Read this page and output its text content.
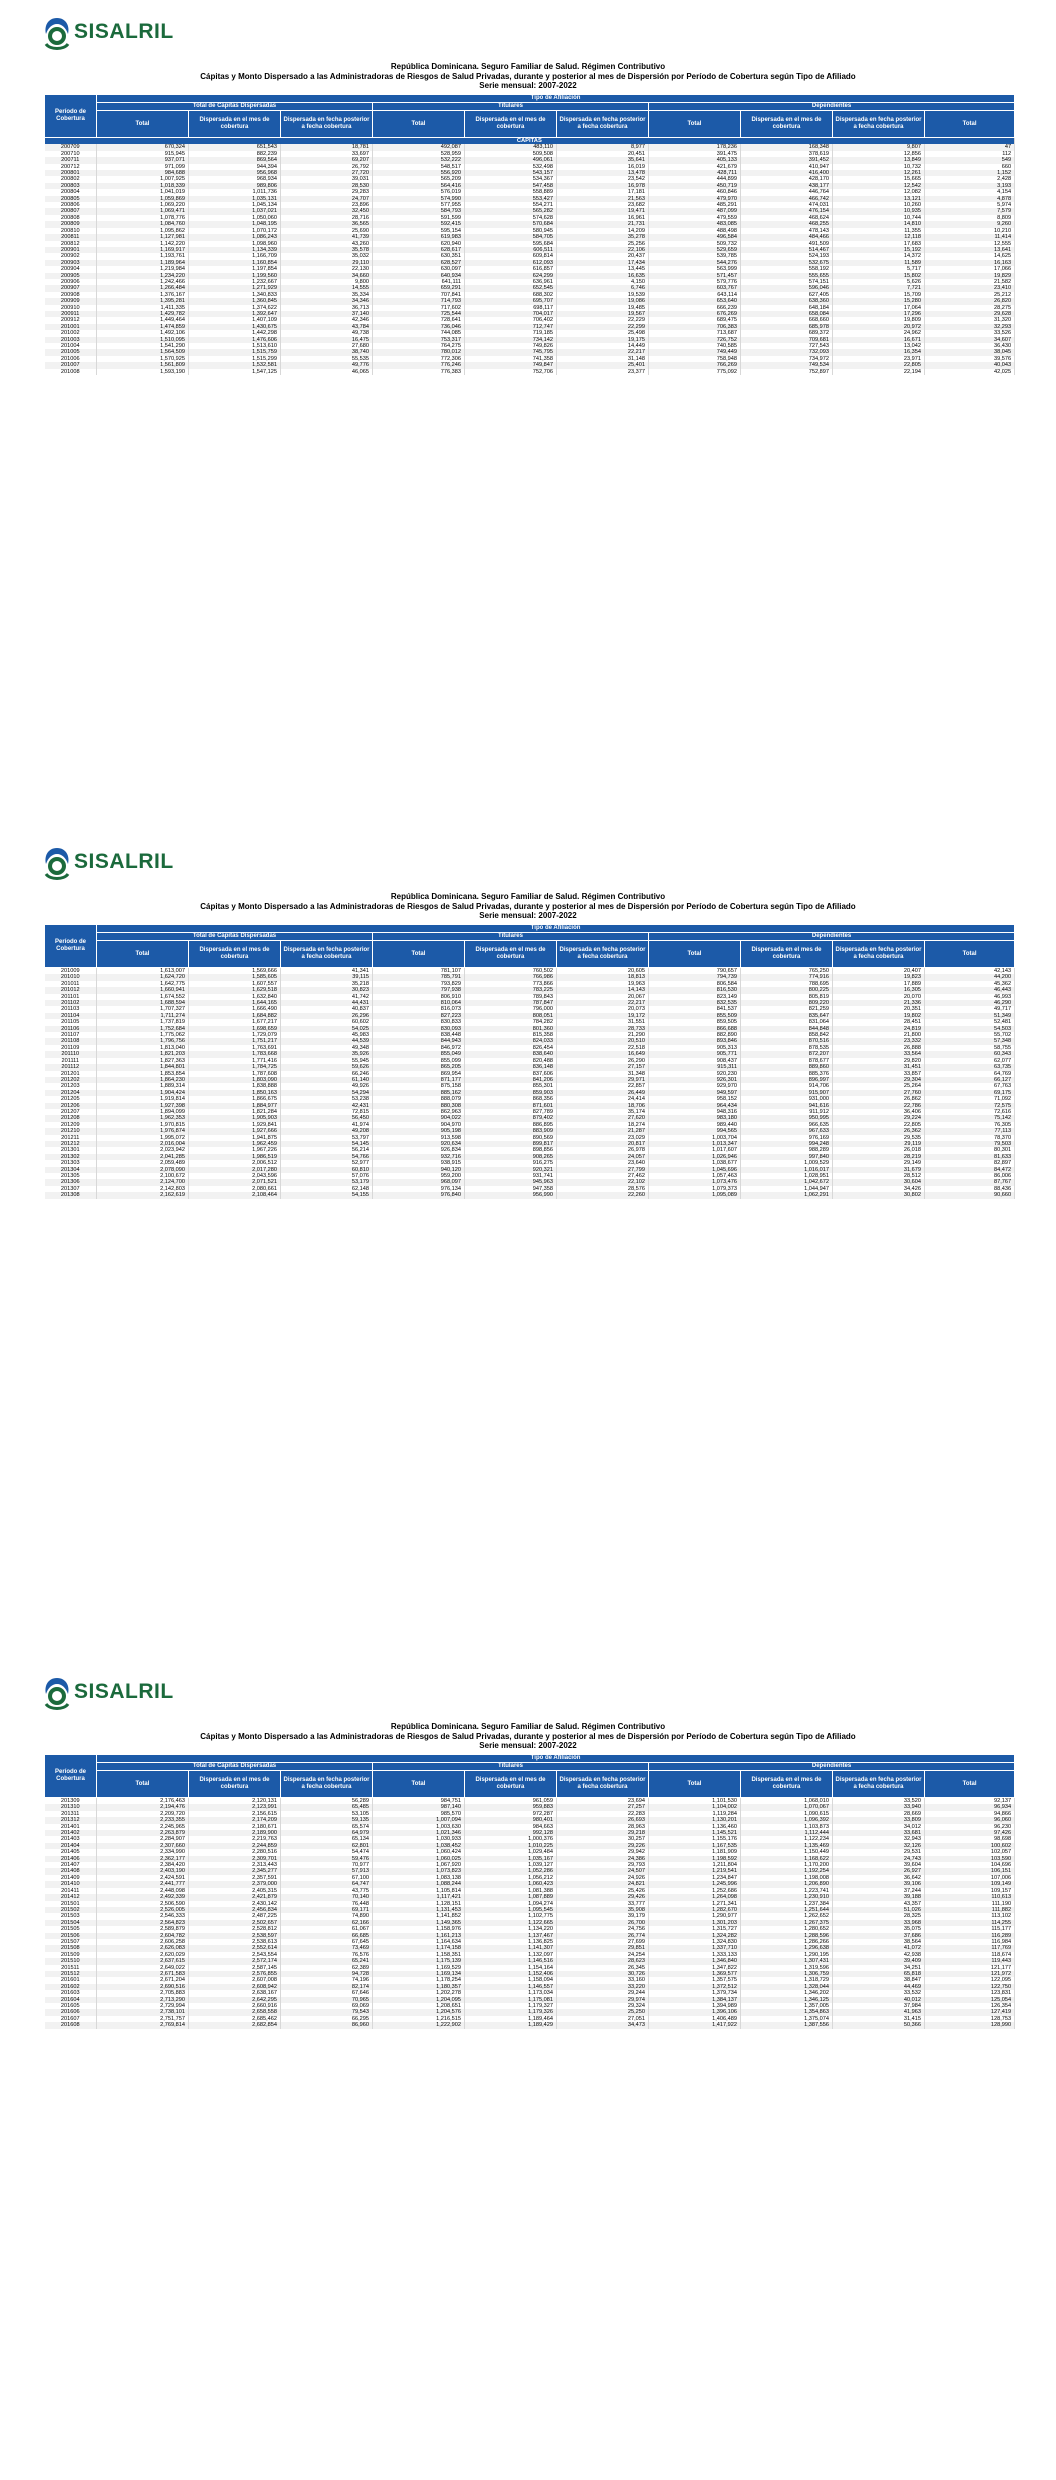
SISALRIL
República Dominicana. Seguro Familiar de Salud. Régimen Contributivo
Cápitas y Monto Dispersado a las Administradoras de Riesgos de Salud Privadas, durante y posterior al mes de Dispersión por Período de Cobertura según Tipo de Afiliado
Serie mensual: 2007-2022
Período de Cobertura	Tipo de Afiliación									
	Total de Cápitas Dispersadas			Titulares			Dependientes			
	Total	Dispersada en el mes de cobertura	Dispersada en fecha posterior a fecha cobertura	Total	Dispersada en el mes de cobertura	Dispersada en fecha posterior a fecha cobertura	Total	Dispersada en el mes de cobertura	Dispersada en fecha posterior a fecha cobertura	Total
CÁPITAS										
200709	670,324	651,543	18,781	492,087	483,110	8,977	178,236	168,348	9,807	47
200710	915,945	882,239	33,697	528,959	509,508	20,451	391,475	378,619	12,856	112
200711	937,071	869,564	69,207	532,222	496,061	35,641	405,133	391,452	13,849	549
200712	971,099	944,394	26,792	548,517	532,498	16,019	421,679	410,947	10,732	660
200801	984,688	956,968	27,720	556,920	543,157	13,478	428,711	416,400	12,261	1,152
200802	1,007,925	968,934	39,031	565,209	534,367	23,542	444,899	428,170	15,665	2,428
200803	1,018,339	989,806	28,530	564,416	547,458	16,978	450,719	438,177	12,542	3,193
200804	1,041,019	1,011,736	29,283	576,019	558,889	17,181	460,846	446,764	12,082	4,154
200805	1,059,869	1,035,131	24,707	574,990	553,427	21,563	479,970	466,742	13,121	4,878
200806	1,069,220	1,045,134	23,896	577,955	554,271	23,682	485,291	474,031	10,260	5,974
200807	1,069,471	1,037,021	32,450	584,793	565,282	19,471	487,099	476,154	10,935	7,579
200808	1,078,776	1,050,060	28,716	591,599	574,628	16,961	479,559	468,624	10,744	8,809
200809	1,084,760	1,048,195	36,565	592,415	570,684	21,731	483,085	468,255	14,810	9,260
200810	1,095,862	1,070,172	25,690	595,154	580,945	14,209	488,498	478,143	11,355	10,210
200811	1,127,981	1,086,243	41,739	619,983	584,705	35,278	496,584	484,466	12,118	11,414
200812	1,142,220	1,098,960	43,260	620,940	595,684	25,256	509,732	491,509	17,683	12,555
200901	1,169,917	1,134,339	35,578	628,617	606,511	22,106	529,659	514,467	15,192	13,641
200902	1,193,761	1,166,709	35,032	630,351	609,814	20,437	539,785	524,193	14,372	14,625
200903	1,189,964	1,160,854	29,110	628,527	612,093	17,434	544,276	532,675	11,589	16,163
200904	1,219,984	1,197,854	22,130	630,097	616,857	13,445	563,999	558,192	5,717	17,066
200905	1,234,220	1,199,560	34,660	640,934	624,299	16,635	571,457	555,655	15,802	19,829
200906	1,242,466	1,232,667	9,800	641,111	636,961	4,150	579,776	574,151	5,626	21,582
200907	1,266,484	1,271,929	14,555	659,291	652,545	6,746	603,767	596,046	7,721	23,410
200908	1,376,167	1,340,833	35,334	707,841	688,302	19,539	643,114	627,405	15,709	25,212
200909	1,395,281	1,360,845	34,346	714,793	695,707	19,086	653,640	638,360	15,280	26,820
200910	1,411,335	1,374,622	36,713	717,602	698,117	19,485	666,239	648,184	17,064	28,275
200911	1,429,782	1,392,647	37,140	725,544	704,017	19,567	676,269	658,084	17,296	29,628
200912	1,449,464	1,407,109	42,346	728,641	706,402	22,229	689,475	668,660	19,809	31,320
201001	1,474,859	1,430,675	43,784	736,046	712,747	22,299	706,383	685,978	20,972	32,293
201002	1,492,106	1,442,298	49,738	744,085	719,185	25,498	713,687	689,372	24,962	33,526
201003	1,510,095	1,476,606	16,475	753,317	734,142	19,175	726,752	709,681	16,671	34,607
201004	1,541,290	1,513,610	27,680	764,275	749,826	14,449	740,585	727,543	13,042	36,430
201005	1,564,509	1,515,759	38,740	780,012	745,795	22,217	749,449	732,093	16,354	38,045
201006	1,570,925	1,515,299	55,535	772,306	741,358	31,148	758,948	734,972	23,971	39,576
201007	1,561,809	1,532,581	49,776	776,246	749,847	25,401	766,269	749,534	22,805	40,043
201008	1,593,190	1,547,125	46,065	776,383	752,706	23,377	775,092	752,897	22,194	42,025
SISALRIL
República Dominicana. Seguro Familiar de Salud. Régimen Contributivo
Cápitas y Monto Dispersado a las Administradoras de Riesgos de Salud Privadas, durante y posterior al mes de Dispersión por Período de Cobertura según Tipo de Afiliado
Serie mensual: 2007-2022
Período de Cobertura	Tipo de Afiliación									
	Total de Cápitas Dispersadas			Titulares			Dependientes			
	Total	Dispersada en el mes de cobertura	Dispersada en fecha posterior a fecha cobertura	Total	Dispersada en el mes de cobertura	Dispersada en fecha posterior a fecha cobertura	Total	Dispersada en el mes de cobertura	Dispersada en fecha posterior a fecha cobertura	Total
201009	1,613,007	1,569,666	41,341	781,107	760,502	20,605	790,657	765,250	20,407	42,143
201010	1,624,720	1,585,605	39,115	785,791	766,986	18,813	794,739	774,916	19,823	44,200
201011	1,642,775	1,607,557	35,218	793,829	773,866	19,963	806,584	788,695	17,889	45,362
201012	1,660,941	1,629,518	30,823	797,938	783,225	14,143	816,530	800,225	16,305	46,443
201101	1,674,552	1,632,840	41,742	806,910	789,843	20,067	823,149	805,819	20,070	46,993
201102	1,688,594	1,644,165	44,431	810,064	787,847	22,217	832,535	809,220	21,336	46,290
201103	1,707,327	1,666,490	40,837	816,073	796,000	20,073	841,537	821,259	20,351	49,717
201104	1,711,274	1,684,882	26,296	827,223	808,051	19,172	855,509	835,647	19,802	51,349
201105	1,737,819	1,677,217	60,602	830,833	784,282	31,551	859,505	831,064	28,451	52,481
201106	1,752,684	1,698,659	54,025	830,093	801,360	28,733	866,688	844,848	24,819	54,503
201107	1,775,062	1,729,079	45,983	838,448	815,358	21,290	882,890	858,842	21,800	55,702
201108	1,796,756	1,751,217	44,539	844,943	824,033	20,510	893,846	870,516	23,332	57,348
201109	1,813,040	1,763,691	49,348	846,972	826,454	22,518	905,313	878,535	26,888	58,755
201110	1,821,203	1,783,668	35,926	855,049	838,640	16,649	905,771	872,207	33,564	60,343
201111	1,827,363	1,771,416	55,945	855,099	820,488	26,290	908,437	878,677	29,820	62,077
201112	1,844,801	1,784,725	59,626	865,205	836,148	27,157	915,311	889,860	31,451	63,735
201201	1,853,854	1,787,608	66,246	869,954	837,606	31,348	920,230	885,376	33,857	64,769
201202	1,864,230	1,803,090	61,140	871,177	841,206	29,971	926,301	896,997	29,304	66,127
201203	1,889,314	1,838,888	49,926	875,158	855,301	22,857	929,970	914,706	25,264	67,763
201204	1,904,424	1,850,163	54,294	885,162	859,903	26,449	949,597	915,907	27,760	69,175
201205	1,919,814	1,866,675	53,238	888,079	868,356	24,414	958,152	931,000	26,862	71,092
201206	1,927,398	1,884,977	42,431	880,308	871,601	18,706	964,434	941,616	22,786	72,575
201207	1,894,099	1,821,284	72,815	862,963	827,789	35,174	948,316	911,912	36,406	72,616
201208	1,962,353	1,905,903	56,450	904,022	879,402	27,620	983,180	950,995	29,224	75,142
201209	1,970,815	1,929,841	41,974	904,970	886,895	18,274	989,440	966,635	22,805	76,305
201210	1,976,874	1,927,666	49,208	905,198	883,909	21,287	994,565	967,633	26,362	77,113
201211	1,995,072	1,941,875	53,797	913,598	890,569	23,029	1,003,704	976,169	29,535	78,370
201212	2,016,004	1,962,459	54,145	920,634	899,817	20,817	1,013,347	994,248	29,119	79,503
201301	2,023,942	1,967,226	56,214	926,834	898,856	26,978	1,017,607	988,289	26,018	80,301
201302	2,041,285	1,986,519	54,766	932,716	908,265	24,057	1,026,946	997,840	28,219	81,633
201303	2,059,489	2,006,512	52,977	938,915	916,275	23,640	1,038,677	1,009,529	29,149	82,897
201304	2,078,090	2,017,280	60,810	940,120	920,321	27,799	1,045,696	1,016,017	31,679	84,472
201305	2,100,672	2,043,596	57,076	959,200	931,741	27,462	1,057,463	1,028,951	28,512	86,006
201306	2,124,700	2,071,521	53,179	968,097	945,963	22,102	1,073,476	1,042,672	30,604	87,767
201307	2,142,803	2,080,661	62,148	976,134	947,358	28,576	1,079,373	1,044,947	34,426	88,436
201308	2,162,619	2,108,464	54,155	976,840	956,990	22,260	1,095,089	1,062,291	30,802	90,660
SISALRIL
República Dominicana. Seguro Familiar de Salud. Régimen Contributivo
Cápitas y Monto Dispersado a las Administradoras de Riesgos de Salud Privadas, durante y posterior al mes de Dispersión por Período de Cobertura según Tipo de Afiliado
Serie mensual: 2007-2022
Período de Cobertura	Tipo de Afiliación									
	Total de Cápitas Dispersadas			Titulares			Dependientes			
	Total	Dispersada en el mes de cobertura	Dispersada en fecha posterior a fecha cobertura	Total	Dispersada en el mes de cobertura	Dispersada en fecha posterior a fecha cobertura	Total	Dispersada en el mes de cobertura	Dispersada en fecha posterior a fecha cobertura	Total
201309	2,176,463	2,120,131	56,289	984,751	961,059	23,694	1,101,530	1,068,010	33,520	92,137
201310	2,194,476	2,123,991	65,485	987,140	959,883	27,257	1,104,002	1,070,067	33,940	96,934
201311	2,209,720	2,156,615	53,105	985,570	972,287	22,283	1,119,284	1,090,615	28,669	94,866
201312	2,233,355	2,174,209	59,135	1,007,094	980,401	26,693	1,130,201	1,096,392	33,809	96,060
201401	2,245,965	2,180,671	65,574	1,003,630	984,663	28,963	1,136,460	1,103,873	34,012	96,230
201402	2,263,879	2,189,900	64,979	1,021,346	992,128	29,218	1,145,521	1,112,444	33,681	97,426
201403	2,284,907	2,219,763	65,134	1,030,933	1,000,376	30,257	1,155,176	1,122,234	32,943	98,698
201404	2,307,660	2,244,859	62,801	1,038,452	1,010,225	29,226	1,167,535	1,135,469	32,126	100,602
201405	2,334,990	2,280,516	54,474	1,060,424	1,029,484	29,942	1,181,909	1,150,449	29,531	102,057
201406	2,362,177	2,309,701	59,476	1,060,025	1,035,167	24,386	1,198,592	1,168,622	24,743	103,590
201407	2,384,420	2,313,443	70,977	1,067,920	1,039,127	29,793	1,211,804	1,170,200	39,604	104,696
201408	2,403,190	2,345,277	57,913	1,073,823	1,052,286	24,507	1,219,541	1,192,254	26,927	106,151
201409	2,424,591	2,357,591	67,100	1,083,138	1,056,212	24,926	1,234,847	1,198,008	36,642	107,006
201410	2,441,777	2,379,000	64,747	1,088,244	1,060,423	24,821	1,245,996	1,206,890	39,106	109,149
201411	2,448,098	2,405,315	43,775	1,105,814	1,081,388	25,426	1,252,686	1,223,741	37,244	109,157
201412	2,492,339	2,421,879	70,140	1,117,421	1,087,889	29,426	1,264,098	1,230,910	39,188	110,613
201501	2,506,590	2,430,142	76,448	1,128,151	1,094,274	33,777	1,271,341	1,237,384	43,357	111,190
201502	2,526,005	2,456,834	69,171	1,131,453	1,095,545	35,908	1,282,670	1,251,644	51,026	111,882
201503	2,546,333	2,487,225	74,890	1,141,852	1,102,775	39,179	1,290,977	1,262,652	28,325	113,102
201504	2,564,823	2,502,657	62,166	1,149,365	1,122,665	26,700	1,301,203	1,267,375	33,968	114,255
201505	2,589,879	2,528,812	61,067	1,158,976	1,134,220	24,756	1,315,727	1,280,652	35,075	115,177
201506	2,604,782	2,538,597	66,685	1,161,213	1,137,467	26,774	1,324,282	1,288,596	37,686	116,289
201507	2,606,258	2,538,613	67,645	1,164,634	1,136,825	27,699	1,324,830	1,286,266	38,564	116,984
201508	2,626,083	2,552,614	73,469	1,174,158	1,141,307	29,851	1,337,710	1,296,638	41,072	117,769
201509	2,620,029	2,543,554	76,576	1,158,351	1,132,097	24,254	1,333,133	1,290,195	42,938	118,674
201510	2,637,615	2,572,174	65,241	1,175,139	1,146,516	28,623	1,346,840	1,307,431	39,409	119,443
201511	2,649,022	2,587,145	62,389	1,169,529	1,154,164	26,345	1,347,822	1,319,596	34,251	121,177
201512	2,671,583	2,576,855	94,728	1,169,134	1,152,406	30,726	1,369,577	1,306,759	65,818	121,972
201601	2,671,204	2,607,008	74,196	1,178,254	1,158,094	33,160	1,357,575	1,318,729	38,847	122,095
201602	2,690,516	2,608,942	82,174	1,180,357	1,146,557	33,220	1,372,512	1,328,044	44,469	122,750
201603	2,705,883	2,638,167	67,646	1,202,278	1,173,034	29,244	1,379,734	1,346,202	33,532	123,831
201604	2,713,290	2,642,295	70,965	1,204,095	1,175,081	29,974	1,384,137	1,346,125	40,012	125,054
201605	2,729,994	2,660,916	69,069	1,208,651	1,179,327	29,324	1,394,989	1,357,005	37,984	126,354
201606	2,738,101	2,658,558	79,543	1,204,576	1,179,326	25,250	1,396,106	1,354,863	41,963	127,419
201607	2,751,757	2,685,462	66,295	1,216,515	1,189,464	27,051	1,406,489	1,375,074	31,415	128,753
201608	2,769,814	2,682,854	86,960	1,222,902	1,189,429	34,473	1,417,922	1,387,556	50,366	128,990
